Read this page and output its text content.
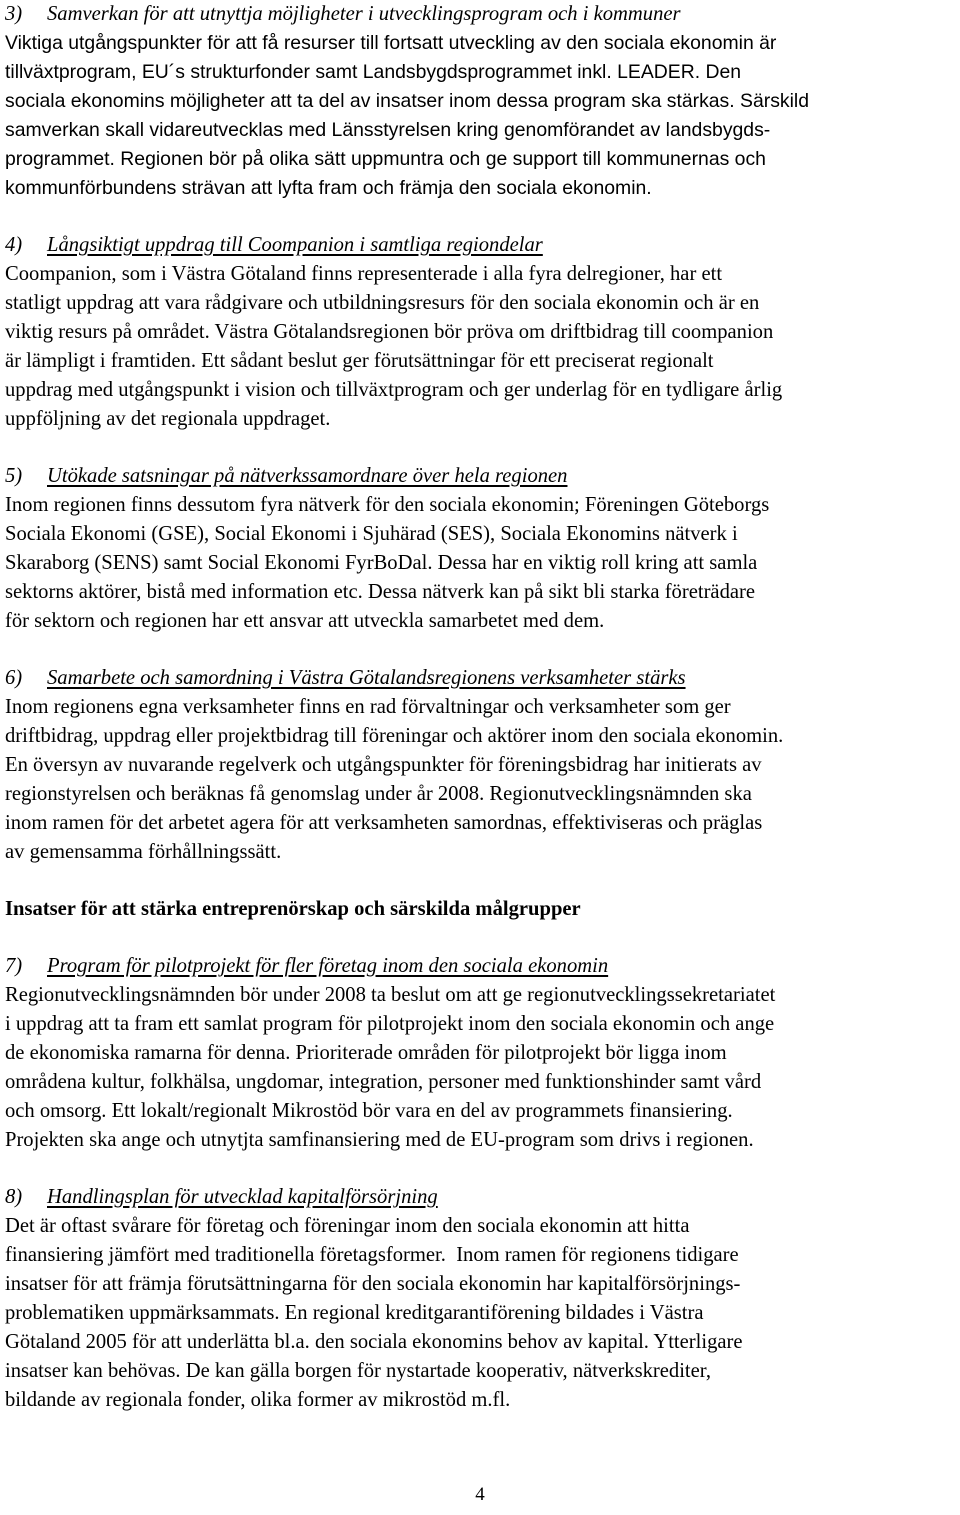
3) Samverkan för att utnyttja möjligheter i utvecklingsprogram och i kommuner

Viktiga utgångspunkter för att få resurser till fortsatt utveckling av den sociala ekonomin är

tillväxtprogram, EU´s strukturfonder samt Landsbygdsprogrammet inkl. LEADER. Den

sociala ekonomins möjligheter att ta del av insatser inom dessa program ska stärkas. Särskild

samverkan skall vidareutvecklas med Länsstyrelsen kring genomförandet av landsbygds-

programmet. Regionen bör på olika sätt uppmuntra och ge support till kommunernas och

kommunförbundens strävan att lyfta fram och främja den sociala ekonomin.

4) Långsiktigt uppdrag till Coompanion i samtliga regiondelar

Coompanion, som i Västra Götaland finns representerade i alla fyra delregioner, har ett

statligt uppdrag att vara rådgivare och utbildningsresurs för den sociala ekonomin och är en

viktig resurs på området. Västra Götalandsregionen bör pröva om driftbidrag till coompanion

är lämpligt i framtiden. Ett sådant beslut ger förutsättningar för ett preciserat regionalt

uppdrag med utgångspunkt i vision och tillväxtprogram och ger underlag för en tydligare årlig

uppföljning av det regionala uppdraget.

5) Utökade satsningar på nätverkssamordnare över hela regionen

Inom regionen finns dessutom fyra nätverk för den sociala ekonomin; Föreningen Göteborgs

Sociala Ekonomi (GSE), Social Ekonomi i Sjuhärad (SES), Sociala Ekonomins nätverk i

Skaraborg (SENS) samt Social Ekonomi FyrBoDal. Dessa har en viktig roll kring att samla

sektorns aktörer, bistå med information etc. Dessa nätverk kan på sikt bli starka företrädare

för sektorn och regionen har ett ansvar att utveckla samarbetet med dem.

6) Samarbete och samordning i Västra Götalandsregionens verksamheter stärks

Inom regionens egna verksamheter finns en rad förvaltningar och verksamheter som ger

driftbidrag, uppdrag eller projektbidrag till föreningar och aktörer inom den sociala ekonomin.

En översyn av nuvarande regelverk och utgångspunkter för föreningsbidrag har initierats av

regionstyrelsen och beräknas få genomslag under år 2008. Regionutvecklingsnämnden ska

inom ramen för det arbetet agera för att verksamheten samordnas, effektiviseras och präglas

av gemensamma förhållningssätt.

Insatser för att stärka entreprenörskap och särskilda målgrupper

7) Program för pilotprojekt för fler företag inom den sociala ekonomin

Regionutvecklingsnämnden bör under 2008 ta beslut om att ge regionutvecklingssekretariatet

i uppdrag att ta fram ett samlat program för pilotprojekt inom den sociala ekonomin och ange

de ekonomiska ramarna för denna. Prioriterade områden för pilotprojekt bör ligga inom

områdena kultur, folkhälsa, ungdomar, integration, personer med funktionshinder samt vård

och omsorg. Ett lokalt/regionalt Mikrostöd bör vara en del av programmets finansiering.

Projekten ska ange och utnytjta samfinansiering med de EU-program som drivs i regionen.

8) Handlingsplan för utvecklad kapitalförsörjning

Det är oftast svårare för företag och föreningar inom den sociala ekonomin att hitta

finansiering jämfört med traditionella företagsformer.  Inom ramen för regionens tidigare

insatser för att främja förutsättningarna för den sociala ekonomin har kapitalförsörjnings-

problematiken uppmärksammats. En regional kreditgarantiförening bildades i Västra

Götaland 2005 för att underlätta bl.a. den sociala ekonomins behov av kapital. Ytterligare

insatser kan behövas. De kan gälla borgen för nystartade kooperativ, nätverkskrediter,

bildande av regionala fonder, olika former av mikrostöd m.fl.

4
